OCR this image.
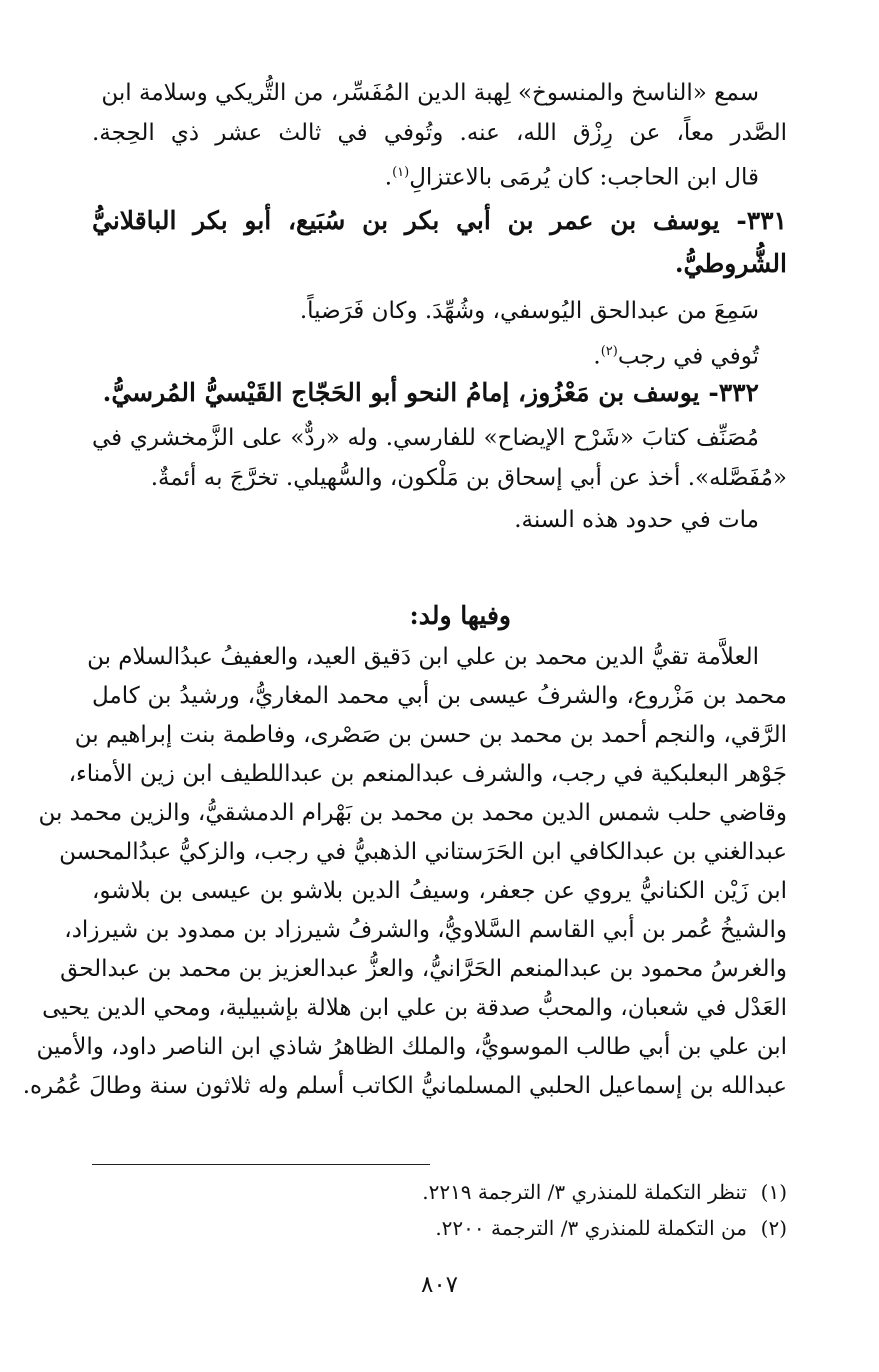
سمع «الناسخ والمنسوخ» لِهبة الدين المُفَسِّر، من التُّريكي وسلامة ابن
الصَّدر معاً، عن رِزْق الله، عنه. وتُوفي في ثالث عشر ذي الحِجة.
قال ابن الحاجب: كان يُرمَى بالاعتزالِ$^{(١)}$.
٣٣١- يوسف بن عمر بن أبي بكر بن سُبَيع، أبو بكر الباقلانيُّ
الشُّروطيُّ.
سَمِعَ من عبدالحق اليُوسفي، وشُهِّدَ. وكان فَرَضياً.
تُوفي في رجب$^{(٢)}$.
٣٣٢- يوسف بن مَعْزُوز، إمامُ النحو أبو الحَجّاج القَيْسيُّ المُرسيُّ.
مُصَنِّف كتابَ «شَرْح الإيضاح» للفارسي. وله «ردٌّ» على الزَّمخشري في
«مُفَصَّله». أخذ عن أبي إسحاق بن مَلْكون، والسُّهيلي. تخرَّجَ به أئمةٌ.
مات في حدود هذه السنة.
وفيها ولد:
العلاَّمة تقيُّ الدين محمد بن علي ابن دَقيق العيد، والعفيفُ عبدُالسلام بن
محمد بن مَزْروع، والشرفُ عيسى بن أبي محمد المغاريُّ، ورشيدُ بن كامل
الرَّقي، والنجم أحمد بن محمد بن حسن بن صَصْرى، وفاطمة بنت إبراهيم بن
جَوْهر البعلبكية في رجب، والشرف عبدالمنعم بن عبداللطيف ابن زين الأمناء،
وقاضي حلب شمس الدين محمد بن محمد بن بَهْرام الدمشقيُّ، والزين محمد بن
عبدالغني بن عبدالكافي ابن الحَرَستاني الذهبيُّ في رجب، والزكيُّ عبدُالمحسن
ابن زَيْن الكنانيُّ يروي عن جعفر، وسيفُ الدين بلاشو بن عيسى بن بلاشو،
والشيخُ عُمر بن أبي القاسم السَّلاويُّ، والشرفُ شيرزاد بن ممدود بن شيرزاد،
والغرسُ محمود بن عبدالمنعم الحَرَّانيُّ، والعزُّ عبدالعزيز بن محمد بن عبدالحق
العَدْل في شعبان، والمحبُّ صدقة بن علي ابن هلالة بإشبيلية، ومحي الدين يحيى
ابن علي بن أبي طالب الموسويُّ، والملك الظاهرُ شاذي ابن الناصر داود، والأمين
عبدالله بن إسماعيل الحلبي المسلمانيُّ الكاتب أسلم وله ثلاثون سنة وطالَ عُمُره.
(١)تنظر التكملة للمنذري ٣/ الترجمة ٢٢١٩.
(٢)من التكملة للمنذري ٣/ الترجمة ٢٢٠٠.
٨٠٧
